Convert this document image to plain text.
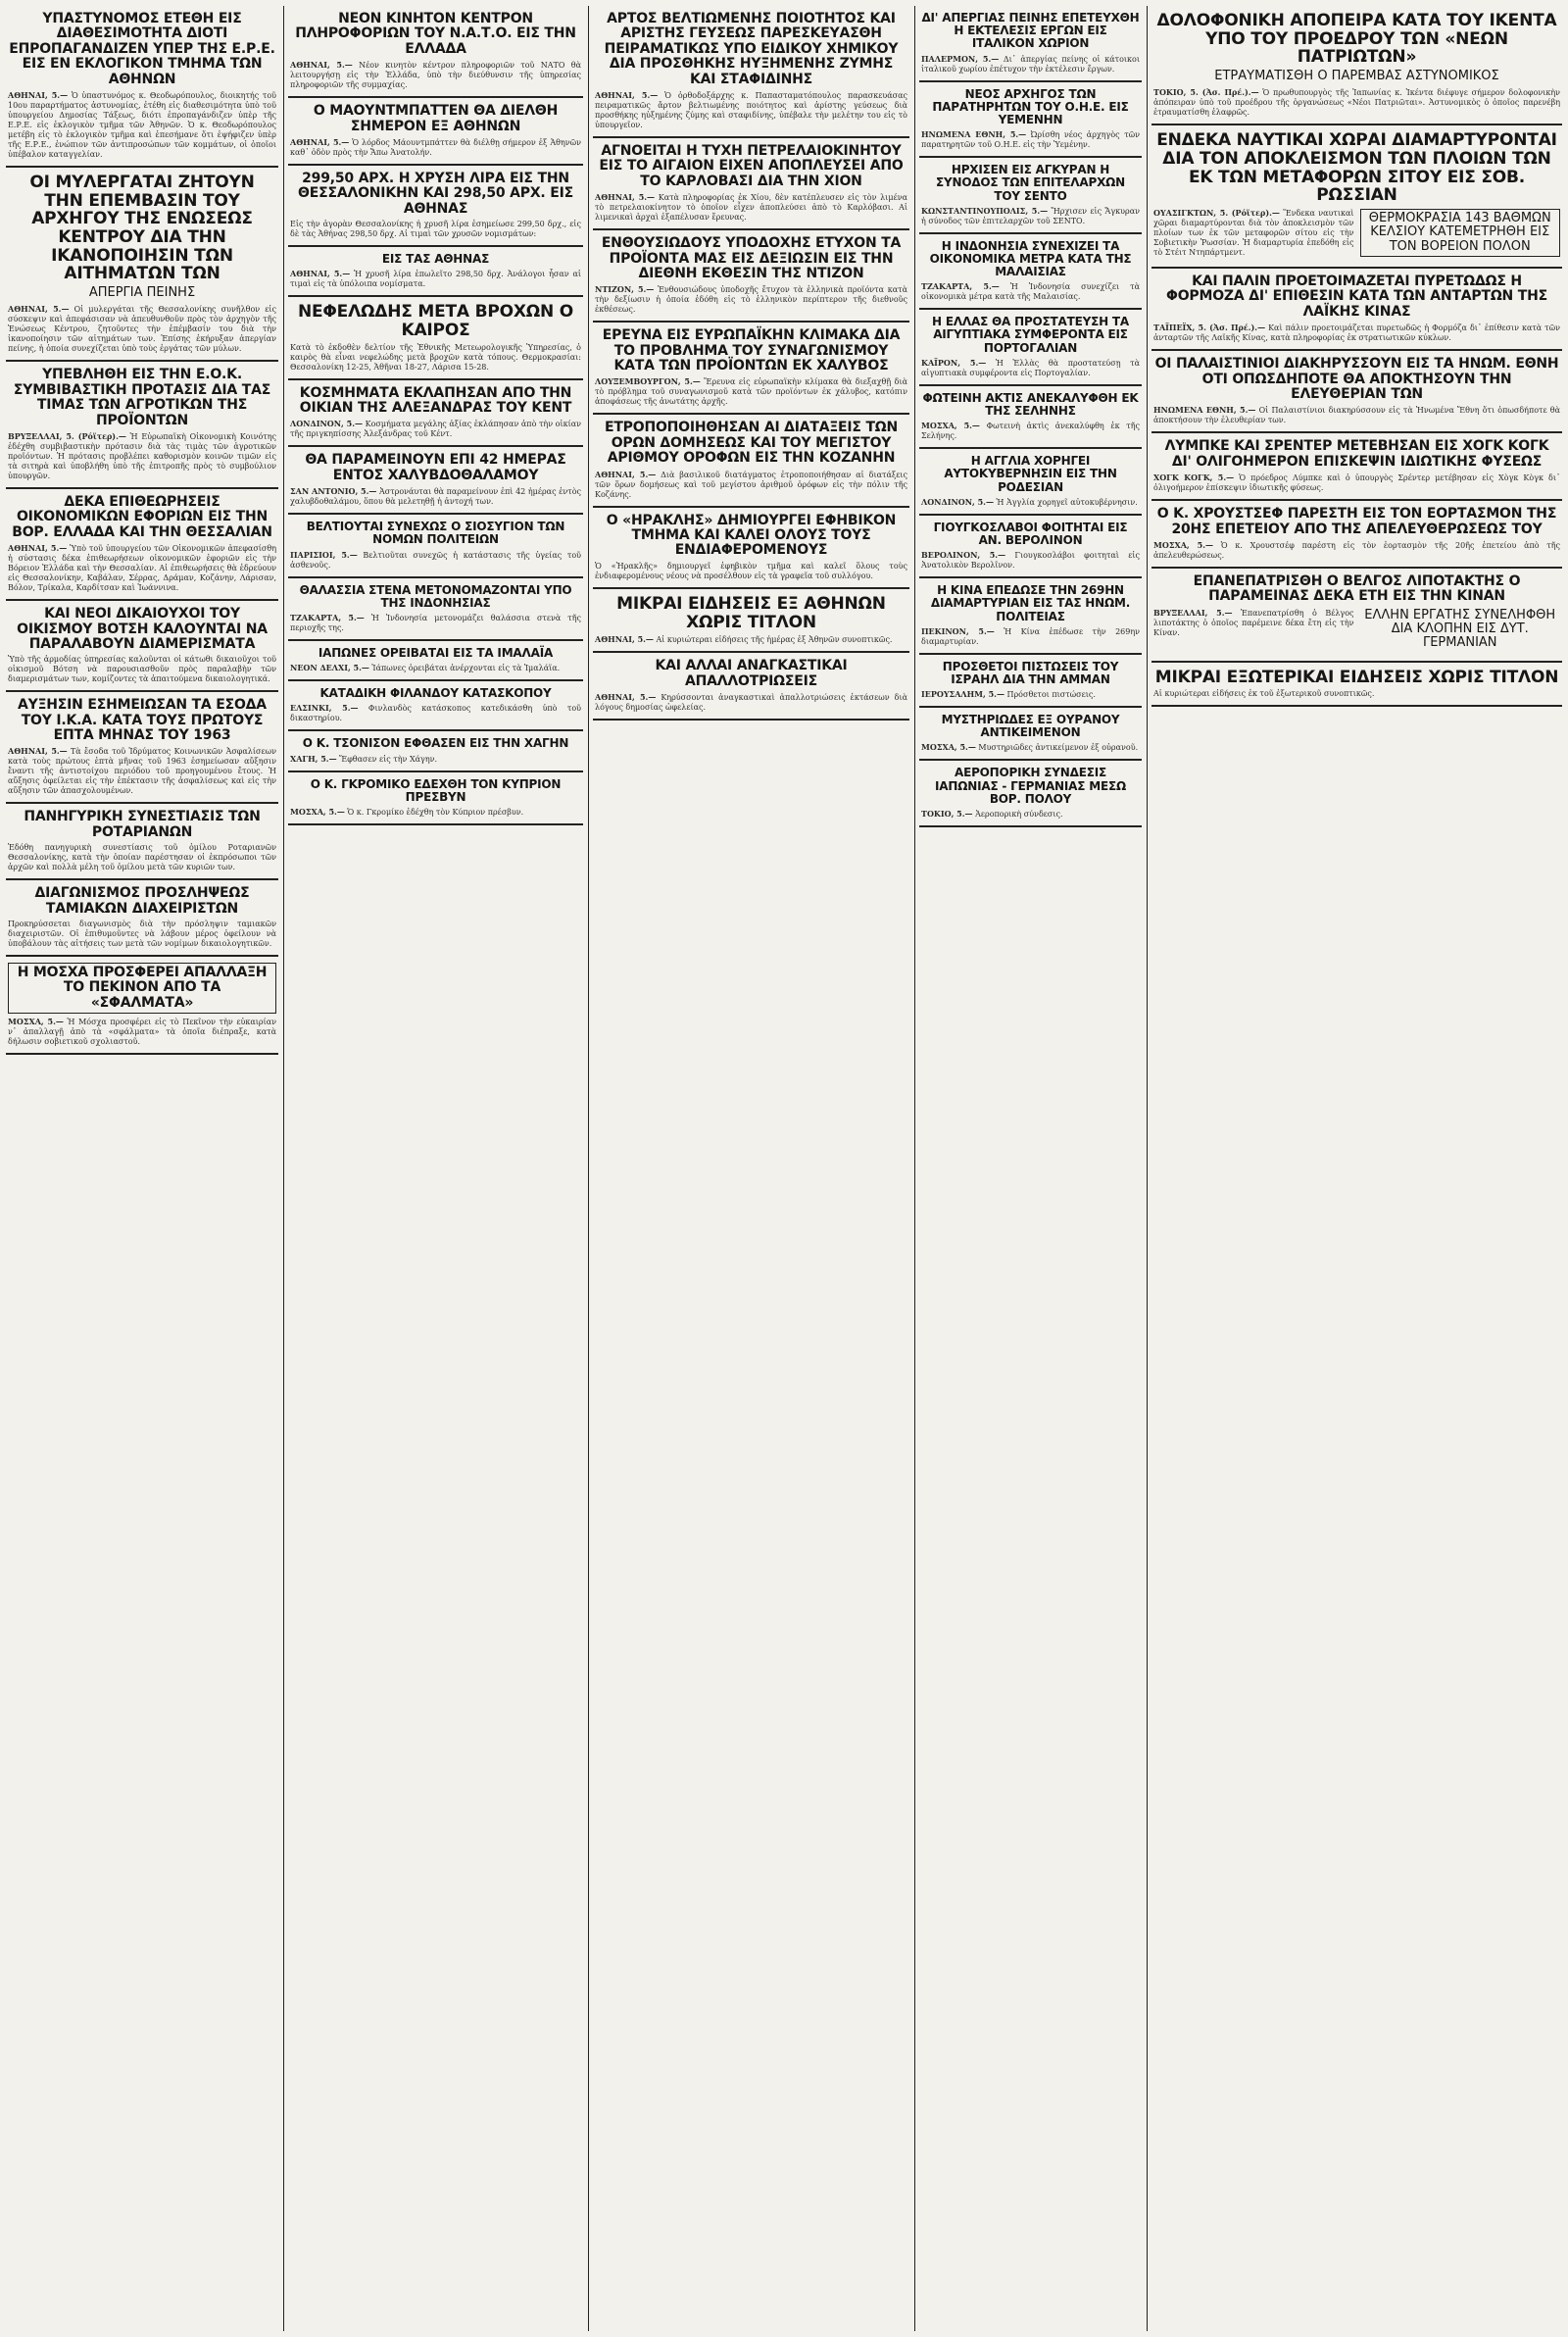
ΥΠΑΣΤΥΝΟΜΟΣ ΕΤΕΘΗ ΕΙΣ ΔΙΑΘΕΣΙΜΟΤΗΤΑ ΔΙΟΤΙ ΕΠΡΟΠΑΓΑΝΔΙΖΕΝ ΥΠΕΡ ΤΗΣ Ε.Ρ.Ε. ΕΙΣ ΕΝ ΕΚΛΟΓΙΚΟΝ ΤΜΗΜΑ ΤΩΝ ΑΘΗΝΩΝ

ΑΘΗΝΑΙ, 5.— Ὁ ὑπαστυνόμος κ. Θεοδωρόπουλος, διοικητής τοῦ 10ου παραρτήματος ἀστυνομίας, ἐτέθη εἰς διαθεσιμότητα ὑπὸ τοῦ ὑπουργείου Δημοσίας Τάξεως, διότι ἐπροπαγάνδιζεν ὑπὲρ τῆς Ε.Ρ.Ε. εἰς ἐκλογικὸν τμῆμα τῶν Ἀθηνῶν. Ὁ κ. Θεοδωρόπουλος μετέβη εἰς τὸ ἐκλογικὸν τμῆμα καὶ ἐπεσήμανε ὅτι ἐψήφιζεν ὑπὲρ τῆς Ε.Ρ.Ε., ἐνώπιον τῶν ἀντιπροσώπων τῶν κομμάτων, οἱ ὁποῖοι ὑπέβαλον καταγγελίαν.

ΟΙ ΜΥΛΕΡΓΑΤΑΙ ΖΗΤΟΥΝ ΤΗΝ ΕΠΕΜΒΑΣΙΝ ΤΟΥ ΑΡΧΗΓΟΥ ΤΗΣ ΕΝΩΣΕΩΣ ΚΕΝΤΡΟΥ ΔΙΑ ΤΗΝ ΙΚΑΝΟΠΟΙΗΣΙΝ ΤΩΝ ΑΙΤΗΜΑΤΩΝ ΤΩΝ
ΑΠΕΡΓΙΑ ΠΕΙΝΗΣ

ΑΘΗΝΑΙ, 5.— Οἱ μυλεργάται τῆς Θεσσαλονίκης συνῆλθον εἰς σύσκεψιν καὶ ἀπεφάσισαν νὰ ἀπευθυνθοῦν πρὸς τὸν ἀρχηγὸν τῆς Ἑνώσεως Κέντρου, ζητοῦντες τὴν ἐπέμβασίν του διὰ τὴν ἱκανοποίησιν τῶν αἰτημάτων των. Ἐπίσης ἐκήρυξαν ἀπεργίαν πείνης, ἡ ὁποία συνεχίζεται ὑπὸ τοὺς ἐργάτας τῶν μύλων.

ΥΠΕΒΛΗΘΗ ΕΙΣ ΤΗΝ Ε.Ο.Κ. ΣΥΜΒΙΒΑΣΤΙΚΗ ΠΡΟΤΑΣΙΣ ΔΙΑ ΤΑΣ ΤΙΜΑΣ ΤΩΝ ΑΓΡΟΤΙΚΩΝ ΤΗΣ ΠΡΟΪΟΝΤΩΝ

ΒΡΥΞΕΛΛΑΙ, 5. (Ρόϊτερ).— Ἡ Εὐρωπαϊκὴ Οἰκονομικὴ Κοινότης ἐδέχθη συμβιβαστικὴν πρότασιν διὰ τὰς τιμὰς τῶν ἀγροτικῶν προϊόντων. Ἡ πρότασις προβλέπει καθορισμὸν κοινῶν τιμῶν εἰς τὰ σιτηρὰ καὶ ὑποβλήθη ὑπὸ τῆς ἐπιτροπῆς πρὸς τὸ συμβούλιον ὑπουργῶν.

ΔΕΚΑ ΕΠΙΘΕΩΡΗΣΕΙΣ ΟΙΚΟΝΟΜΙΚΩΝ ΕΦΟΡΙΩΝ ΕΙΣ ΤΗΝ ΒΟΡ. ΕΛΛΑΔΑ ΚΑΙ ΤΗΝ ΘΕΣΣΑΛΙΑΝ

ΑΘΗΝΑΙ, 5.— Ὑπὸ τοῦ ὑπουργείου τῶν Οἰκονομικῶν ἀπεφασίσθη ἡ σύστασις δέκα ἐπιθεωρήσεων οἰκονομικῶν ἐφοριῶν εἰς τὴν Βόρειον Ἑλλάδα καὶ τὴν Θεσσαλίαν. Αἱ ἐπιθεωρήσεις θὰ ἑδρεύουν εἰς Θεσσαλονίκην, Καβάλαν, Σέρρας, Δράμαν, Κοζάνην, Λάρισαν, Βόλον, Τρίκαλα, Καρδίτσαν καὶ Ἰωάννινα.

ΚΑΙ ΝΕΟΙ ΔΙΚΑΙΟΥΧΟΙ ΤΟΥ ΟΙΚΙΣΜΟΥ ΒΟΤΣΗ ΚΑΛΟΥΝΤΑΙ ΝΑ ΠΑΡΑΛΑΒΟΥΝ ΔΙΑΜΕΡΙΣΜΑΤΑ

Ὑπὸ τῆς ἁρμοδίας ὑπηρεσίας καλοῦνται οἱ κάτωθι δικαιοῦχοι τοῦ οἰκισμοῦ Βότση νὰ παρουσιασθοῦν πρὸς παραλαβὴν τῶν διαμερισμάτων των, κομίζοντες τὰ ἀπαιτούμενα δικαιολογητικά.

ΑΥΞΗΣΙΝ ΕΣΗΜΕΙΩΣΑΝ ΤΑ ΕΣΟΔΑ ΤΟΥ Ι.Κ.Α. ΚΑΤΑ ΤΟΥΣ ΠΡΩΤΟΥΣ ΕΠΤΑ ΜΗΝΑΣ ΤΟΥ 1963

ΑΘΗΝΑΙ, 5.— Τὰ ἔσοδα τοῦ Ἱδρύματος Κοινωνικῶν Ἀσφαλίσεων κατὰ τοὺς πρώτους ἑπτὰ μῆνας τοῦ 1963 ἐσημείωσαν αὔξησιν ἔναντι τῆς ἀντιστοίχου περιόδου τοῦ προηγουμένου ἔτους. Ἡ αὔξησις ὀφείλεται εἰς τὴν ἐπέκτασιν τῆς ἀσφαλίσεως καὶ εἰς τὴν αὔξησιν τῶν ἀπασχολουμένων.

ΠΑΝΗΓΥΡΙΚΗ ΣΥΝΕΣΤΙΑΣΙΣ ΤΩΝ ΡΟΤΑΡΙΑΝΩΝ

Ἐδόθη πανηγυρικὴ συνεστίασις τοῦ ὁμίλου Ροταριανῶν Θεσσαλονίκης, κατὰ τὴν ὁποίαν παρέστησαν οἱ ἐκπρόσωποι τῶν ἀρχῶν καὶ πολλὰ μέλη τοῦ ὁμίλου μετὰ τῶν κυριῶν των.

ΔΙΑΓΩΝΙΣΜΟΣ ΠΡΟΣΛΗΨΕΩΣ ΤΑΜΙΑΚΩΝ ΔΙΑΧΕΙΡΙΣΤΩΝ

Προκηρύσσεται διαγωνισμὸς διὰ τὴν πρόσληψιν ταμιακῶν διαχειριστῶν. Οἱ ἐπιθυμοῦντες νὰ λάβουν μέρος ὀφείλουν νὰ ὑποβάλουν τὰς αἰτήσεις των μετὰ τῶν νομίμων δικαιολογητικῶν.

Η ΜΟΣΧΑ ΠΡΟΣΦΕΡΕΙ ΑΠΑΛΛΑΞΗ ΤΟ ΠΕΚΙΝΟΝ ΑΠΟ ΤΑ «ΣΦΑΛΜΑΤΑ»

ΜΟΣΧΑ, 5.— Ἡ Μόσχα προσφέρει εἰς τὸ Πεκῖνον τὴν εὐκαιρίαν ν᾽ ἀπαλλαγῇ ἀπὸ τὰ «σφάλματα» τὰ ὁποῖα διέπραξε, κατὰ δήλωσιν σοβιετικοῦ σχολιαστοῦ.

ΝΕΟΝ ΚΙΝΗΤΟΝ ΚΕΝΤΡΟΝ ΠΛΗΡΟΦΟΡΙΩΝ ΤΟΥ Ν.Α.Τ.Ο. ΕΙΣ ΤΗΝ ΕΛΛΑΔΑ

ΑΘΗΝΑΙ, 5.— Νέον κινητὸν κέντρον πληροφοριῶν τοῦ ΝΑΤΟ θὰ λειτουργήσῃ εἰς τὴν Ἑλλάδα, ὑπὸ τὴν διεύθυνσιν τῆς ὑπηρεσίας πληροφοριῶν τῆς συμμαχίας.

Ο ΜΑΟΥΝΤΜΠΑΤΤΕΝ ΘΑ ΔΙΕΛΘΗ ΣΗΜΕΡΟΝ ΕΞ ΑΘΗΝΩΝ

ΑΘΗΝΑΙ, 5.— Ὁ λόρδος Μάουντμπάττεν θὰ διέλθῃ σήμερον ἐξ Ἀθηνῶν καθ᾽ ὁδὸν πρὸς τὴν Ἄπω Ἀνατολήν.

299,50 ΑΡΧ. Η ΧΡΥΣΗ ΛΙΡΑ ΕΙΣ ΤΗΝ ΘΕΣΣΑΛΟΝΙΚΗΝ ΚΑΙ 298,50 ΑΡΧ. ΕΙΣ ΑΘΗΝΑΣ

Εἰς τὴν ἀγορὰν Θεσσαλονίκης ἡ χρυσῆ λίρα ἐσημείωσε 299,50 δρχ., εἰς δὲ τὰς Ἀθήνας 298,50 δρχ. Αἱ τιμαὶ τῶν χρυσῶν νομισμάτων:

ΕΙΣ ΤΑΣ ΑΘΗΝΑΣ

ΑΘΗΝΑΙ, 5.— Ἡ χρυσῆ λίρα ἐπωλεῖτο 298,50 δρχ. Ἀνάλογοι ἦσαν αἱ τιμαὶ εἰς τὰ ὑπόλοιπα νομίσματα.

ΝΕΦΕΛΩΔΗΣ ΜΕΤΑ ΒΡΟΧΩΝ Ο ΚΑΙΡΟΣ

Κατὰ τὸ ἐκδοθὲν δελτίον τῆς Ἐθνικῆς Μετεωρολογικῆς Ὑπηρεσίας, ὁ καιρὸς θὰ εἶναι νεφελώδης μετὰ βροχῶν κατὰ τόπους. Θερμοκρασίαι: Θεσσαλονίκη 12-25, Ἀθῆναι 18-27, Λάρισα 15-28.

ΚΟΣΜΗΜΑΤΑ ΕΚΛΑΠΗΣΑΝ ΑΠΟ ΤΗΝ ΟΙΚΙΑΝ ΤΗΣ ΑΛΕΞΑΝΔΡΑΣ ΤΟΥ ΚΕΝΤ

ΛΟΝΔΙΝΟΝ, 5.— Κοσμήματα μεγάλης ἀξίας ἐκλάπησαν ἀπὸ τὴν οἰκίαν τῆς πριγκηπίσσης Ἀλεξάνδρας τοῦ Κέντ.

ΘΑ ΠΑΡΑΜΕΙΝΟΥΝ ΕΠΙ 42 ΗΜΕΡΑΣ ΕΝΤΟΣ ΧΑΛΥΒΔΟΘΑΛΑΜΟΥ

ΣΑΝ ΑΝΤΟΝΙΟ, 5.— Ἀστρονάυται θὰ παραμείνουν ἐπὶ 42 ἡμέρας ἐντὸς χαλυβδοθαλάμου, ὅπου θὰ μελετηθῇ ἡ ἀντοχή των.

ΒΕΛΤΙΟΥΤΑΙ ΣΥΝΕΧΩΣ Ο ΣΙΟΣΥΓΙΟΝ ΤΩΝ ΝΟΜΩΝ ΠΟΛΙΤΕΙΩΝ

ΠΑΡΙΣΙΟΙ, 5.— Βελτιοῦται συνεχῶς ἡ κατάστασις τῆς ὑγείας τοῦ ἀσθενοῦς.

ΘΑΛΑΣΣΙΑ ΣΤΕΝΑ ΜΕΤΟΝΟΜΑΖΟΝΤΑΙ ΥΠΟ ΤΗΣ ΙΝΔΟΝΗΣΙΑΣ

ΤΖΑΚΑΡΤΑ, 5.— Ἡ Ἰνδονησία μετονομάζει θαλάσσια στενὰ τῆς περιοχῆς της.

ΙΑΠΩΝΕΣ ΟΡΕΙΒΑΤΑΙ ΕΙΣ ΤΑ ΙΜΑΛΑΪΑ

ΝΕΟΝ ΔΕΛΧΙ, 5.— Ἰάπωνες ὀρειβάται ἀνέρχονται εἰς τὰ Ἱμαλάϊα.

ΚΑΤΑΔΙΚΗ ΦΙΛΑΝΔΟΥ ΚΑΤΑΣΚΟΠΟΥ

ΕΛΣΙΝΚΙ, 5.— Φινλανδὸς κατάσκοπος κατεδικάσθη ὑπὸ τοῦ δικαστηρίου.

Ο Κ. ΤΣΟΝΙΣΟΝ ΕΦΘΑΣΕΝ ΕΙΣ ΤΗΝ ΧΑΓΗΝ

ΧΑΓΗ, 5.— Ἔφθασεν εἰς τὴν Χάγην.

Ο Κ. ΓΚΡΟΜΙΚΟ ΕΔΕΧΘΗ ΤΟΝ ΚΥΠΡΙΟΝ ΠΡΕΣΒΥΝ

ΜΟΣΧΑ, 5.— Ὁ κ. Γκρομίκο ἐδέχθη τὸν Κύπριον πρέσβυν.

ΑΡΤΟΣ ΒΕΛΤΙΩΜΕΝΗΣ ΠΟΙΟΤΗΤΟΣ ΚΑΙ ΑΡΙΣΤΗΣ ΓΕΥΣΕΩΣ ΠΑΡΕΣΚΕΥΑΣΘΗ ΠΕΙΡΑΜΑΤΙΚΩΣ ΥΠΟ ΕΙΔΙΚΟΥ ΧΗΜΙΚΟΥ ΔΙΑ ΠΡΟΣΘΗΚΗΣ ΗΥΞΗΜΕΝΗΣ ΖΥΜΗΣ ΚΑΙ ΣΤΑΦΙΔΙΝΗΣ

ΑΘΗΝΑΙ, 5.— Ὁ ὀρθοδοξάρχης κ. Παπασταματόπουλος παρασκευάσας πειραματικῶς ἄρτον βελτιωμένης ποιότητος καὶ ἀρίστης γεύσεως διὰ προσθήκης ηὐξημένης ζύμης καὶ σταφιδίνης, ὑπέβαλε τὴν μελέτην του εἰς τὸ ὑπουργεῖον.

ΑΓΝΟΕΙΤΑΙ Η ΤΥΧΗ ΠΕΤΡΕΛΑΙΟΚΙΝΗΤΟΥ ΕΙΣ ΤΟ ΑΙΓΑΙΟΝ ΕΙΧΕΝ ΑΠΟΠΛΕΥΣΕΙ ΑΠΟ ΤΟ ΚΑΡΛΟΒΑΣΙ ΔΙΑ ΤΗΝ ΧΙΟΝ

ΑΘΗΝΑΙ, 5.— Κατὰ πληροφορίας ἐκ Χίου, δὲν κατέπλευσεν εἰς τὸν λιμένα τὸ πετρελαιοκίνητον τὸ ὁποῖον εἶχεν ἀποπλεύσει ἀπὸ τὸ Καρλόβασι. Αἱ λιμενικαὶ ἀρχαὶ ἐξαπέλυσαν ἔρευνας.

ΕΝΘΟΥΣΙΩΔΟΥΣ ΥΠΟΔΟΧΗΣ ΕΤΥΧΟΝ ΤΑ ΠΡΟΪΟΝΤΑ ΜΑΣ ΕΙΣ ΔΕΞΙΩΣΙΝ ΕΙΣ ΤΗΝ ΔΙΕΘΝΗ ΕΚΘΕΣΙΝ ΤΗΣ ΝΤΙΖΟΝ

ΝΤΙΖΟΝ, 5.— Ἐνθουσιώδους ὑποδοχῆς ἔτυχον τὰ ἑλληνικὰ προϊόντα κατὰ τὴν δεξίωσιν ἡ ὁποία ἐδόθη εἰς τὸ ἑλληνικὸν περίπτερον τῆς διεθνοῦς ἐκθέσεως.

ΕΡΕΥΝΑ ΕΙΣ ΕΥΡΩΠΑΪΚΗΝ ΚΛΙΜΑΚΑ ΔΙΑ ΤΟ ΠΡΟΒΛΗΜΑ ΤΟΥ ΣΥΝΑΓΩΝΙΣΜΟΥ ΚΑΤΑ ΤΩΝ ΠΡΟΪΟΝΤΩΝ ΕΚ ΧΑΛΥΒΟΣ

ΛΟΥΞΕΜΒΟΥΡΓΟΝ, 5.— Ἔρευνα εἰς εὐρωπαϊκὴν κλίμακα θὰ διεξαχθῇ διὰ τὸ πρόβλημα τοῦ συναγωνισμοῦ κατὰ τῶν προϊόντων ἐκ χάλυβος, κατόπιν ἀποφάσεως τῆς ἀνωτάτης ἀρχῆς.

ΕΤΡΟΠΟΠΟΙΗΘΗΣΑΝ ΑΙ ΔΙΑΤΑΞΕΙΣ ΤΩΝ ΟΡΩΝ ΔΟΜΗΣΕΩΣ ΚΑΙ ΤΟΥ ΜΕΓΙΣΤΟΥ ΑΡΙΘΜΟΥ ΟΡΟΦΩΝ ΕΙΣ ΤΗΝ ΚΟΖΑΝΗΝ

ΑΘΗΝΑΙ, 5.— Διὰ βασιλικοῦ διατάγματος ἐτροποποιήθησαν αἱ διατάξεις τῶν ὅρων δομήσεως καὶ τοῦ μεγίστου ἀριθμοῦ ὀρόφων εἰς τὴν πόλιν τῆς Κοζάνης.

Ο «ΗΡΑΚΛΗΣ» ΔΗΜΙΟΥΡΓΕΙ ΕΦΗΒΙΚΟΝ ΤΜΗΜΑ ΚΑΙ ΚΑΛΕΙ ΟΛΟΥΣ ΤΟΥΣ ΕΝΔΙΑΦΕΡΟΜΕΝΟΥΣ

Ὁ «Ἡρακλῆς» δημιουργεῖ ἐφηβικὸν τμῆμα καὶ καλεῖ ὅλους τοὺς ἐνδιαφερομένους νέους νὰ προσέλθουν εἰς τὰ γραφεῖα τοῦ συλλόγου.

ΜΙΚΡΑΙ ΕΙΔΗΣΕΙΣ ΕΞ ΑΘΗΝΩΝ ΧΩΡΙΣ ΤΙΤΛΟΝ

ΑΘΗΝΑΙ, 5.— Αἱ κυριώτεραι εἰδήσεις τῆς ἡμέρας ἐξ Ἀθηνῶν συνοπτικῶς.

ΚΑΙ ΑΛΛΑΙ ΑΝΑΓΚΑΣΤΙΚΑΙ ΑΠΑΛΛΟΤΡΙΩΣΕΙΣ

ΑΘΗΝΑΙ, 5.— Κηρύσσονται ἀναγκαστικαὶ ἀπαλλοτριώσεις ἐκτάσεων διὰ λόγους δημοσίας ὠφελείας.

ΔΙ' ΑΠΕΡΓΙΑΣ ΠΕΙΝΗΣ ΕΠΕΤΕΥΧΘΗ Η ΕΚΤΕΛΕΣΙΣ ΕΡΓΩΝ ΕΙΣ ΙΤΑΛΙΚΟΝ ΧΩΡΙΟΝ

ΠΑΛΕΡΜΟΝ, 5.— Δι᾽ ἀπεργίας πείνης οἱ κάτοικοι ἰταλικοῦ χωρίου ἐπέτυχον τὴν ἐκτέλεσιν ἔργων.

ΝΕΟΣ ΑΡΧΗΓΟΣ ΤΩΝ ΠΑΡΑΤΗΡΗΤΩΝ ΤΟΥ Ο.Η.Ε. ΕΙΣ ΥΕΜΕΝΗΝ

ΗΝΩΜΕΝΑ ΕΘΝΗ, 5.— Ὠρίσθη νέος ἀρχηγὸς τῶν παρατηρητῶν τοῦ Ο.Η.Ε. εἰς τὴν Ὑεμένην.

ΗΡΧΙΣΕΝ ΕΙΣ ΑΓΚΥΡΑΝ Η ΣΥΝΟΔΟΣ ΤΩΝ ΕΠΙΤΕΛΑΡΧΩΝ ΤΟΥ ΣΕΝΤΟ

ΚΩΝΣΤΑΝΤΙΝΟΥΠΟΛΙΣ, 5.— Ἤρχισεν εἰς Ἄγκυραν ἡ σύνοδος τῶν ἐπιτελαρχῶν τοῦ ΣΕΝΤΟ.

Η ΙΝΔΟΝΗΣΙΑ ΣΥΝΕΧΙΖΕΙ ΤΑ ΟΙΚΟΝΟΜΙΚΑ ΜΕΤΡΑ ΚΑΤΑ ΤΗΣ ΜΑΛΑΙΣΙΑΣ

ΤΖΑΚΑΡΤΑ, 5.— Ἡ Ἰνδονησία συνεχίζει τὰ οἰκονομικὰ μέτρα κατὰ τῆς Μαλαισίας.

Η ΕΛΛΑΣ ΘΑ ΠΡΟΣΤΑΤΕΥΣΗ ΤΑ ΑΙΓΥΠΤΙΑΚΑ ΣΥΜΦΕΡΟΝΤΑ ΕΙΣ ΠΟΡΤΟΓΑΛΙΑΝ

ΚΑΪΡΟΝ, 5.— Ἡ Ἑλλὰς θὰ προστατεύσῃ τὰ αἰγυπτιακὰ συμφέροντα εἰς Πορτογαλίαν.

ΦΩΤΕΙΝΗ ΑΚΤΙΣ ΑΝΕΚΑΛΥΦΘΗ ΕΚ ΤΗΣ ΣΕΛΗΝΗΣ

ΜΟΣΧΑ, 5.— Φωτεινὴ ἀκτὶς ἀνεκαλύφθη ἐκ τῆς Σελήνης.

Η ΑΓΓΛΙΑ ΧΟΡΗΓΕΙ ΑΥΤΟΚΥΒΕΡΝΗΣΙΝ ΕΙΣ ΤΗΝ ΡΟΔΕΣΙΑΝ

ΛΟΝΔΙΝΟΝ, 5.— Ἡ Ἀγγλία χορηγεῖ αὐτοκυβέρνησιν.

ΓΙΟΥΓΚΟΣΛΑΒΟΙ ΦΟΙΤΗΤΑΙ ΕΙΣ ΑΝ. ΒΕΡΟΛΙΝΟΝ

ΒΕΡΟΛΙΝΟΝ, 5.— Γιουγκοσλάβοι φοιτηταὶ εἰς Ἀνατολικὸν Βερολῖνον.

Η ΚΙΝΑ ΕΠΕΔΩΣΕ ΤΗΝ 269ΗΝ ΔΙΑΜΑΡΤΥΡΙΑΝ ΕΙΣ ΤΑΣ ΗΝΩΜ. ΠΟΛΙΤΕΙΑΣ

ΠΕΚΙΝΟΝ, 5.— Ἡ Κίνα ἐπέδωσε τὴν 269ην διαμαρτυρίαν.

ΠΡΟΣΘΕΤΟΙ ΠΙΣΤΩΣΕΙΣ ΤΟΥ ΙΣΡΑΗΛ ΔΙΑ ΤΗΝ ΑΜΜΑΝ

ΙΕΡΟΥΣΑΛΗΜ, 5.— Πρόσθετοι πιστώσεις.

ΜΥΣΤΗΡΙΩΔΕΣ ΕΞ ΟΥΡΑΝΟΥ ΑΝΤΙΚΕΙΜΕΝΟΝ

ΜΟΣΧΑ, 5.— Μυστηριῶδες ἀντικείμενον ἐξ οὐρανοῦ.

ΑΕΡΟΠΟΡΙΚΗ ΣΥΝΔΕΣΙΣ ΙΑΠΩΝΙΑΣ - ΓΕΡΜΑΝΙΑΣ ΜΕΣΩ ΒΟΡ. ΠΟΛΟΥ

ΤΟΚΙΟ, 5.— Ἀεροπορικὴ σύνδεσις.

ΔΟΛΟΦΟΝΙΚΗ ΑΠΟΠΕΙΡΑ ΚΑΤΑ ΤΟΥ ΙΚΕΝΤΑ ΥΠΟ ΤΟΥ ΠΡΟΕΔΡΟΥ ΤΩΝ «ΝΕΩΝ ΠΑΤΡΙΩΤΩΝ»
ΕΤΡΑΥΜΑΤΙΣΘΗ Ο ΠΑΡΕΜΒΑΣ ΑΣΤΥΝΟΜΙΚΟΣ

ΤΟΚΙΟ, 5. (Ἀσ. Πρέ.).— Ὁ πρωθυπουργὸς τῆς Ἰαπωνίας κ. Ἰκέντα διέφυγε σήμερον δολοφονικὴν ἀπόπειραν ὑπὸ τοῦ προέδρου τῆς ὀργανώσεως «Νέοι Πατριῶται». Ἀστυνομικὸς ὁ ὁποῖος παρενέβη ἐτραυματίσθη ἐλαφρῶς.

ΕΝΔΕΚΑ ΝΑΥΤΙΚΑΙ ΧΩΡΑΙ ΔΙΑΜΑΡΤΥΡΟΝΤΑΙ ΔΙΑ ΤΟΝ ΑΠΟΚΛΕΙΣΜΟΝ ΤΩΝ ΠΛΟΙΩΝ ΤΩΝ ΕΚ ΤΩΝ ΜΕΤΑΦΟΡΩΝ ΣΙΤΟΥ ΕΙΣ ΣΟΒ. ΡΩΣΣΙΑΝ

ΟΥΑΣΙΓΚΤΩΝ, 5. (Ρόϊτερ).— Ἕνδεκα ναυτικαὶ χῶραι διαμαρτύρονται διὰ τὸν ἀποκλεισμὸν τῶν πλοίων των ἐκ τῶν μεταφορῶν σίτου εἰς τὴν Σοβιετικὴν Ῥωσσίαν. Ἡ διαμαρτυρία ἐπεδόθη εἰς τὸ Στέιτ Ντηπάρτμεντ.

ΘΕΡΜΟΚΡΑΣΙΑ 143 ΒΑΘΜΩΝ ΚΕΛΣΙΟΥ ΚΑΤΕΜΕΤΡΗΘΗ ΕΙΣ ΤΟΝ ΒΟΡΕΙΟΝ ΠΟΛΟΝ
ΚΑΙ ΠΑΛΙΝ ΠΡΟΕΤΟΙΜΑΖΕΤΑΙ ΠΥΡΕΤΩΔΩΣ Η ΦΟΡΜΟΖΑ ΔΙ' ΕΠΙΘΕΣΙΝ ΚΑΤΑ ΤΩΝ ΑΝΤΑΡΤΩΝ ΤΗΣ ΛΑΪΚΗΣ ΚΙΝΑΣ

ΤΑΪΠΕΪΧ, 5. (Ἀσ. Πρέ.).— Καὶ πάλιν προετοιμάζεται πυρετωδῶς ἡ Φορμόζα δι᾽ ἐπίθεσιν κατὰ τῶν ἀνταρτῶν τῆς Λαϊκῆς Κίνας, κατὰ πληροφορίας ἐκ στρατιωτικῶν κύκλων.

ΟΙ ΠΑΛΑΙΣΤΙΝΙΟΙ ΔΙΑΚΗΡΥΣΣΟΥΝ ΕΙΣ ΤΑ ΗΝΩΜ. ΕΘΝΗ ΟΤΙ ΟΠΩΣΔΗΠΟΤΕ ΘΑ ΑΠΟΚΤΗΣΟΥΝ ΤΗΝ ΕΛΕΥΘΕΡΙΑΝ ΤΩΝ

ΗΝΩΜΕΝΑ ΕΘΝΗ, 5.— Οἱ Παλαιστίνιοι διακηρύσσουν εἰς τὰ Ἡνωμένα Ἔθνη ὅτι ὁπωσδήποτε θὰ ἀποκτήσουν τὴν ἐλευθερίαν των.

ΛΥΜΠΚΕ ΚΑΙ ΣΡΕΝΤΕΡ ΜΕΤΕΒΗΣΑΝ ΕΙΣ ΧΟΓΚ ΚΟΓΚ ΔΙ' ΟΛΙΓΟΗΜΕΡΟΝ ΕΠΙΣΚΕΨΙΝ ΙΔΙΩΤΙΚΗΣ ΦΥΣΕΩΣ

ΧΟΓΚ ΚΟΓΚ, 5.— Ὁ πρόεδρος Λύμπκε καὶ ὁ ὑπουργὸς Σρέντερ μετέβησαν εἰς Χὸγκ Κὸγκ δι᾽ ὀλιγοήμερον ἐπίσκεψιν ἰδιωτικῆς φύσεως.

Ο Κ. ΧΡΟΥΣΤΣΕΦ ΠΑΡΕΣΤΗ ΕΙΣ ΤΟΝ ΕΟΡΤΑΣΜΟΝ ΤΗΣ 20ΗΣ ΕΠΕΤΕΙΟΥ ΑΠΟ ΤΗΣ ΑΠΕΛΕΥΘΕΡΩΣΕΩΣ ΤΟΥ

ΜΟΣΧΑ, 5.— Ὁ κ. Χρουστσέφ παρέστη εἰς τὸν ἑορτασμὸν τῆς 20ῆς ἐπετείου ἀπὸ τῆς ἀπελευθερώσεως.

ΕΠΑΝΕΠΑΤΡΙΣΘΗ Ο ΒΕΛΓΟΣ ΛΙΠΟΤΑΚΤΗΣ Ο ΠΑΡΑΜΕΙΝΑΣ ΔΕΚΑ ΕΤΗ ΕΙΣ ΤΗΝ ΚΙΝΑΝ

ΒΡΥΞΕΛΛΑΙ, 5.— Ἐπανεπατρίσθη ὁ Βέλγος λιποτάκτης ὁ ὁποῖος παρέμεινε δέκα ἔτη εἰς τὴν Κίναν.

ΕΛΛΗΝ ΕΡΓΑΤΗΣ ΣΥΝΕΛΗΦΘΗ ΔΙΑ ΚΛΟΠΗΝ ΕΙΣ ΔΥΤ. ΓΕΡΜΑΝΙΑΝ
ΜΙΚΡΑΙ ΕΞΩΤΕΡΙΚΑΙ ΕΙΔΗΣΕΙΣ ΧΩΡΙΣ ΤΙΤΛΟΝ

Αἱ κυριώτεραι εἰδήσεις ἐκ τοῦ ἐξωτερικοῦ συνοπτικῶς.
